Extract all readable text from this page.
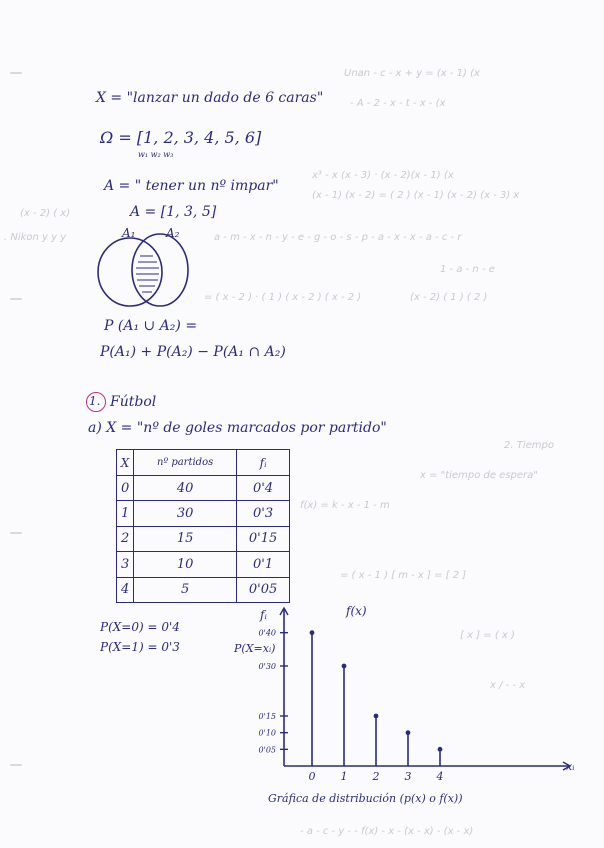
Unan - c - x + y = (x - 1) (x
- A - 2 - x - t - x - (x
x³ - x (x - 3) · (x - 2)(x - 1) (x
(x - 1) (x - 2) = ( 2 ) (x - 1) (x - 2) (x - 3) x
(x - 2) ( x)
. Nikon y y y	a - m - x - n - y - e - g - o - s - p - a - x - x - a - c - r
1 - a - n - e
(x - 2) ( 1 ) ( 2 )
= ( x - 2 ) · ( 1 ) ( x - 2 ) ( x - 2 )
2. Tiempo
x = "tiempo de espera"
f(x) = k - x - 1 - m
= ( x - 1 ) [ m - x ] = [ 2 ]
[ x ] = ( x )
x / - - x
- a - c - y - - f(x) - x - (x - x) - (x - x)
X = "lanzar un dado de 6 caras"
Ω = [1, 2, 3, 4, 5, 6]
w₁ w₂ w₃
A = " tener un nº impar"
A = [1, 3, 5]
A₁	A₂
P (A₁ ∪ A₂) =
P(A₁) + P(A₂) − P(A₁ ∩ A₂)
1. Fútbol
a) X = "nº de goles marcados por partido"
X	nº partidos	fᵢ
0	40	0'4
1	30	0'3
2	15	0'15
3	10	0'1
4	5	0'05
P(X=0) = 0'4
P(X=1) = 0'3
0'40
0'30
0'15
0'10
0'05
0 1 2 3 4
f(x)
fᵢ
P(X=xᵢ)
xᵢ
Gráfica de distribución (p(x) o f(x))
